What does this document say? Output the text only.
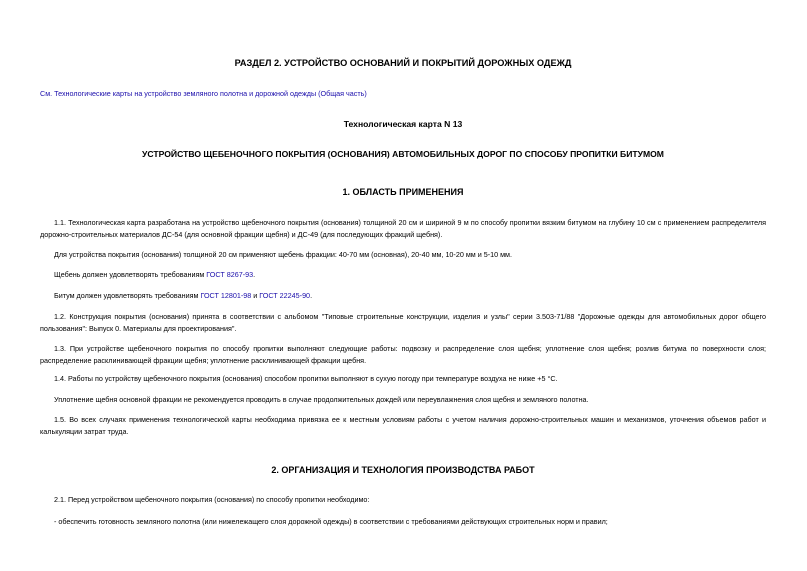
РАЗДЕЛ 2. УСТРОЙСТВО ОСНОВАНИЙ И ПОКРЫТИЙ ДОРОЖНЫХ ОДЕЖД
См. Технологические карты на устройство земляного полотна и дорожной одежды (Общая часть)
Технологическая карта N 13
УСТРОЙСТВО ЩЕБЕНОЧНОГО ПОКРЫТИЯ (ОСНОВАНИЯ) АВТОМОБИЛЬНЫХ ДОРОГ ПО СПОСОБУ ПРОПИТКИ БИТУМОМ
1. ОБЛАСТЬ ПРИМЕНЕНИЯ

1.1. Технологическая карта разработана на устройство щебеночного покрытия (основания) толщиной 20 см и шириной 9 м по способу пропитки вязким битумом на глубину 10 см с применением распределителя дорожно-строительных материалов ДС-54 (для основной фракции щебня) и ДС-49 (для последующих фракций щебня).

Для устройства покрытия (основания) толщиной 20 см применяют щебень фракции: 40-70 мм (основная), 20-40 мм, 10-20 мм и 5-10 мм.

Щебень должен удовлетворять требованиям ГОСТ 8267-93.

Битум должен удовлетворять требованиям ГОСТ 12801-98 и ГОСТ 22245-90.

1.2. Конструкция покрытия (основания) принята в соответствии с альбомом "Типовые строительные конструкции, изделия и узлы" серии 3.503-71/88 "Дорожные одежды для автомобильных дорог общего пользования": Выпуск 0. Материалы для проектирования".

1.3. При устройстве щебеночного покрытия по способу пропитки выполняют следующие работы: подвозку и распределение слоя щебня; уплотнение слоя щебня; розлив битума по поверхности слоя; распределение расклинивающей фракции щебня; уплотнение расклинивающей фракции щебня.

1.4. Работы по устройству щебеночного покрытия (основания) способом пропитки выполняют в сухую погоду при температуре воздуха не ниже +5 °С.

Уплотнение щебня основной фракции не рекомендуется проводить в случае продолжительных дождей или переувлажнения слоя щебня и земляного полотна.

1.5. Во всех случаях применения технологической карты необходима привязка ее к местным условиям работы с учетом наличия дорожно-строительных машин и механизмов, уточнения объемов работ и калькуляции затрат труда.

2. ОРГАНИЗАЦИЯ И ТЕХНОЛОГИЯ ПРОИЗВОДСТВА РАБОТ

2.1. Перед устройством щебеночного покрытия (основания) по способу пропитки необходимо:

- обеспечить готовность земляного полотна (или нижележащего слоя дорожной одежды) в соответствии с требованиями действующих строительных норм и правил;
